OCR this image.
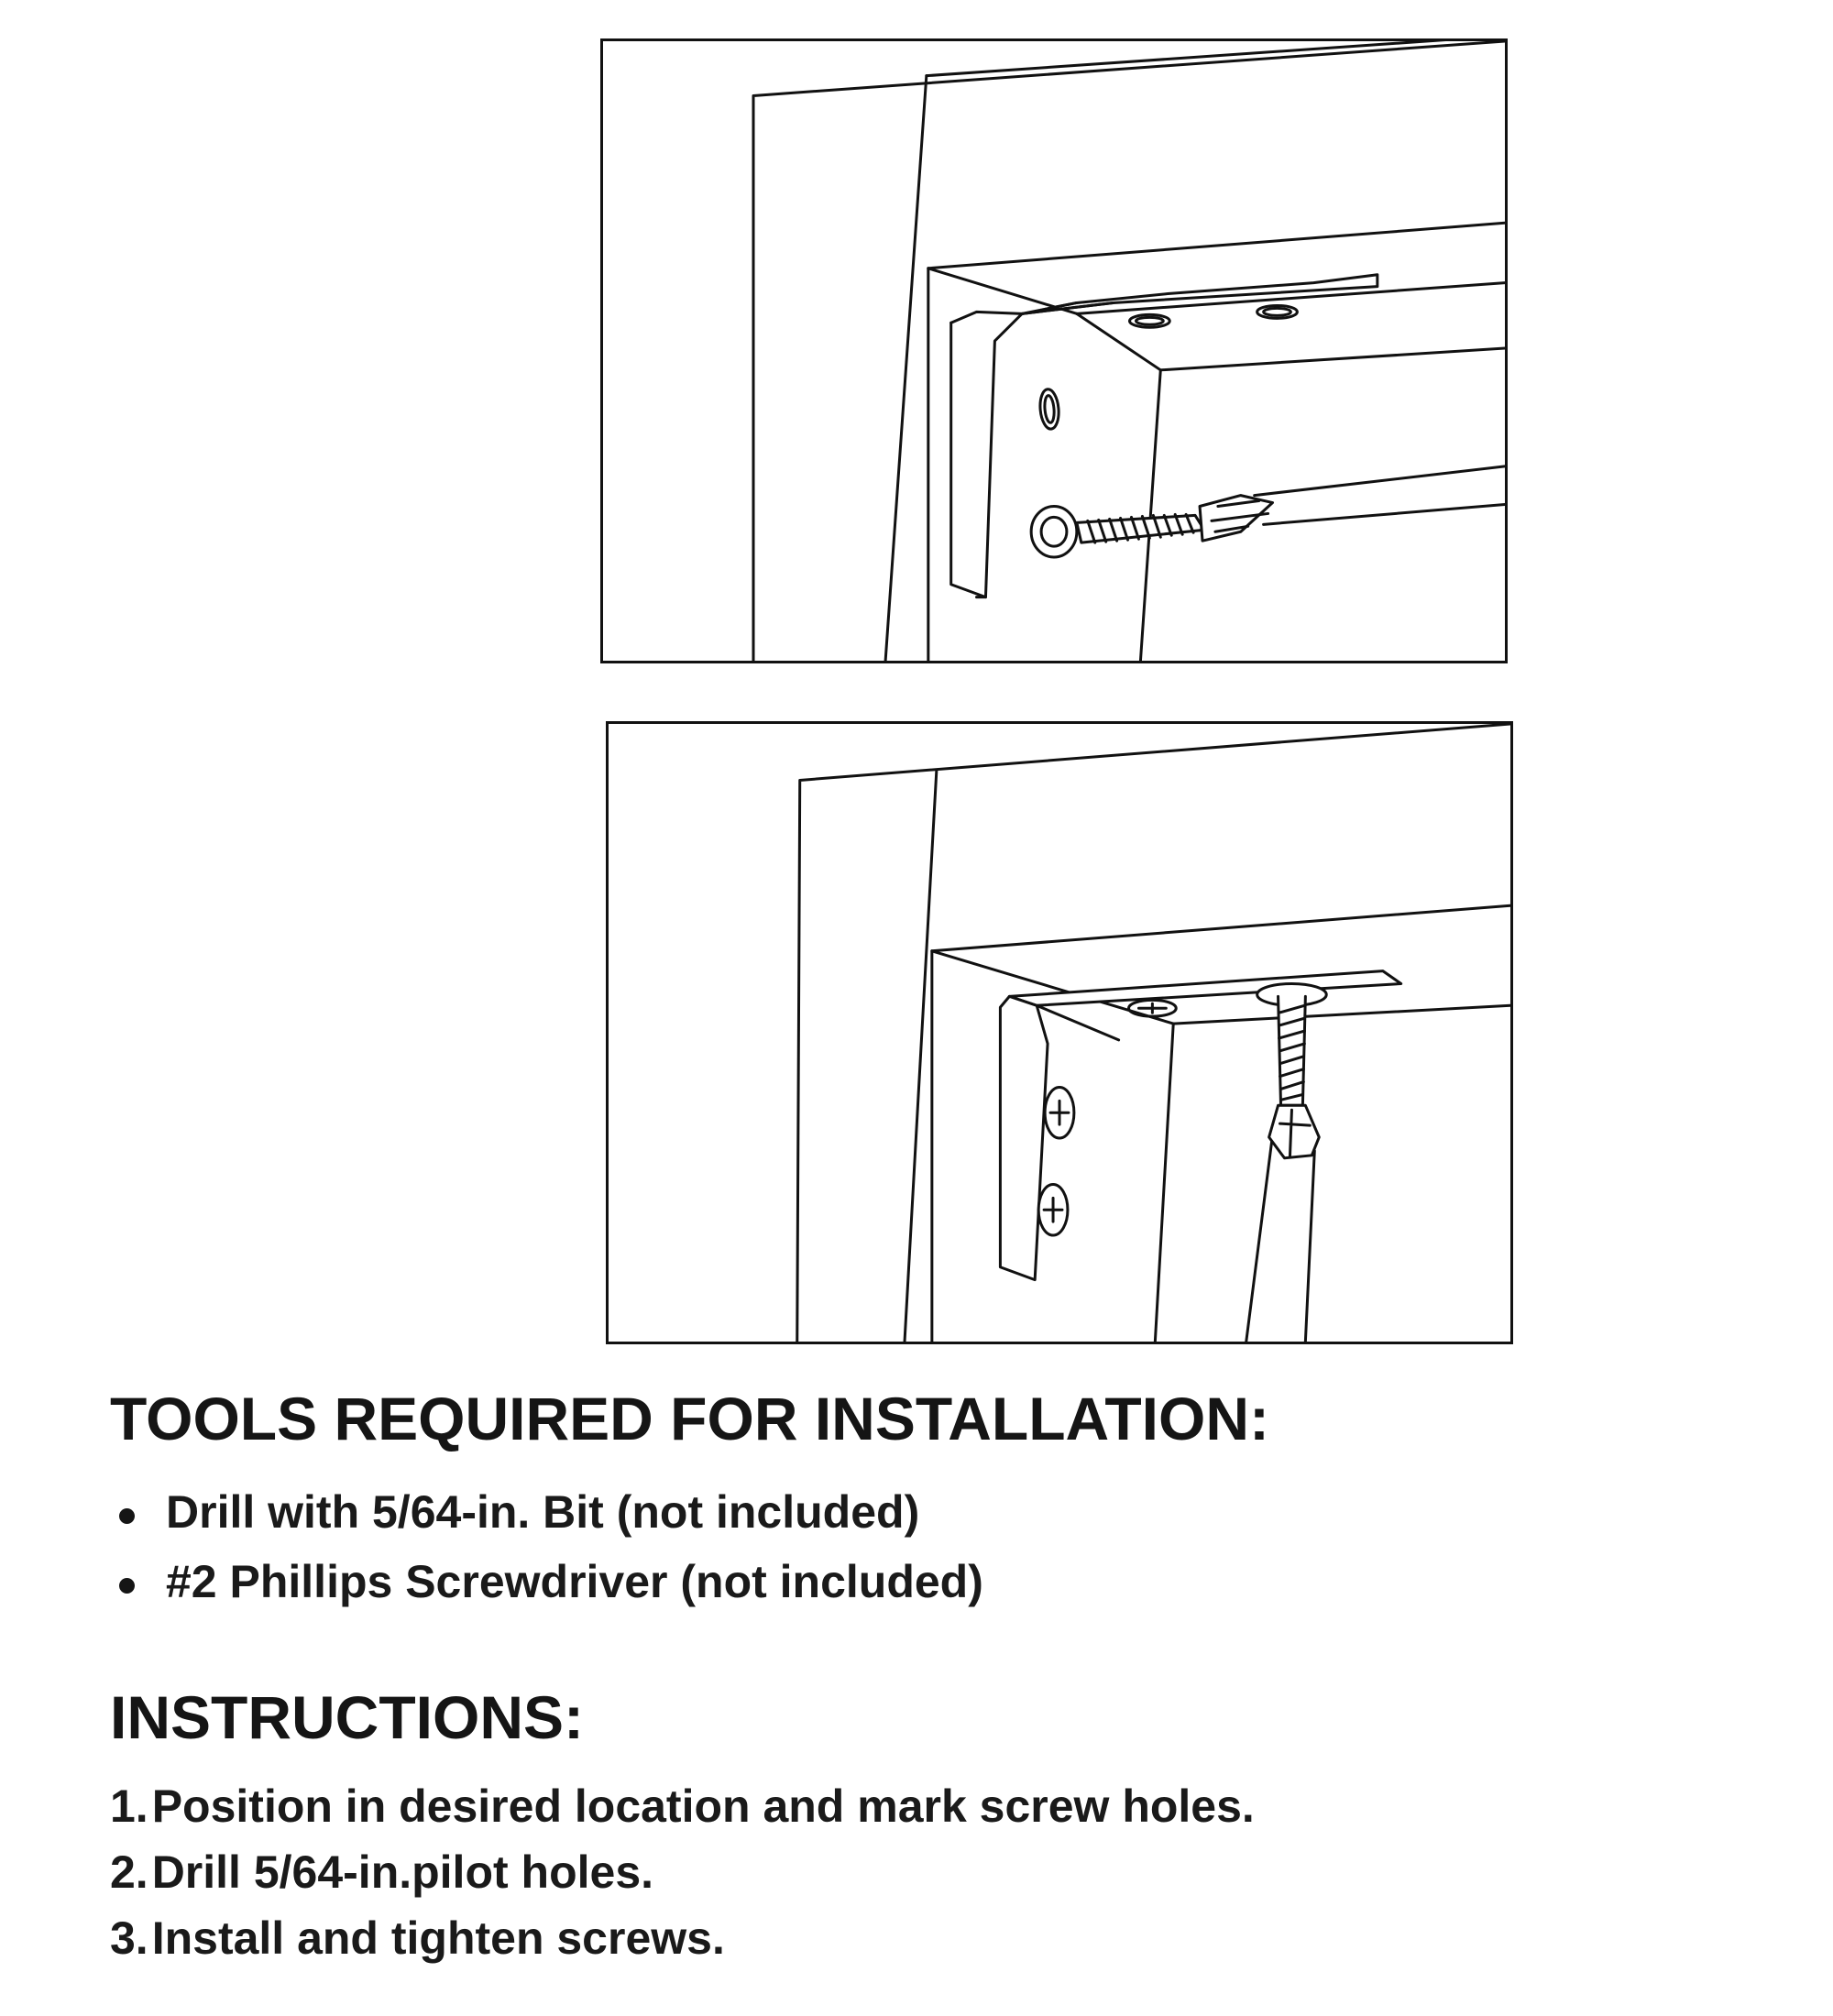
TOOLS REQUIRED FOR INSTALLATION:
Drill with 5/64-in. Bit (not included)
#2 Phillips Screwdriver (not included)
INSTRUCTIONS:
1. Position in desired location and mark screw holes.
2. Drill 5/64-in.pilot holes.
3. Install and tighten screws.
